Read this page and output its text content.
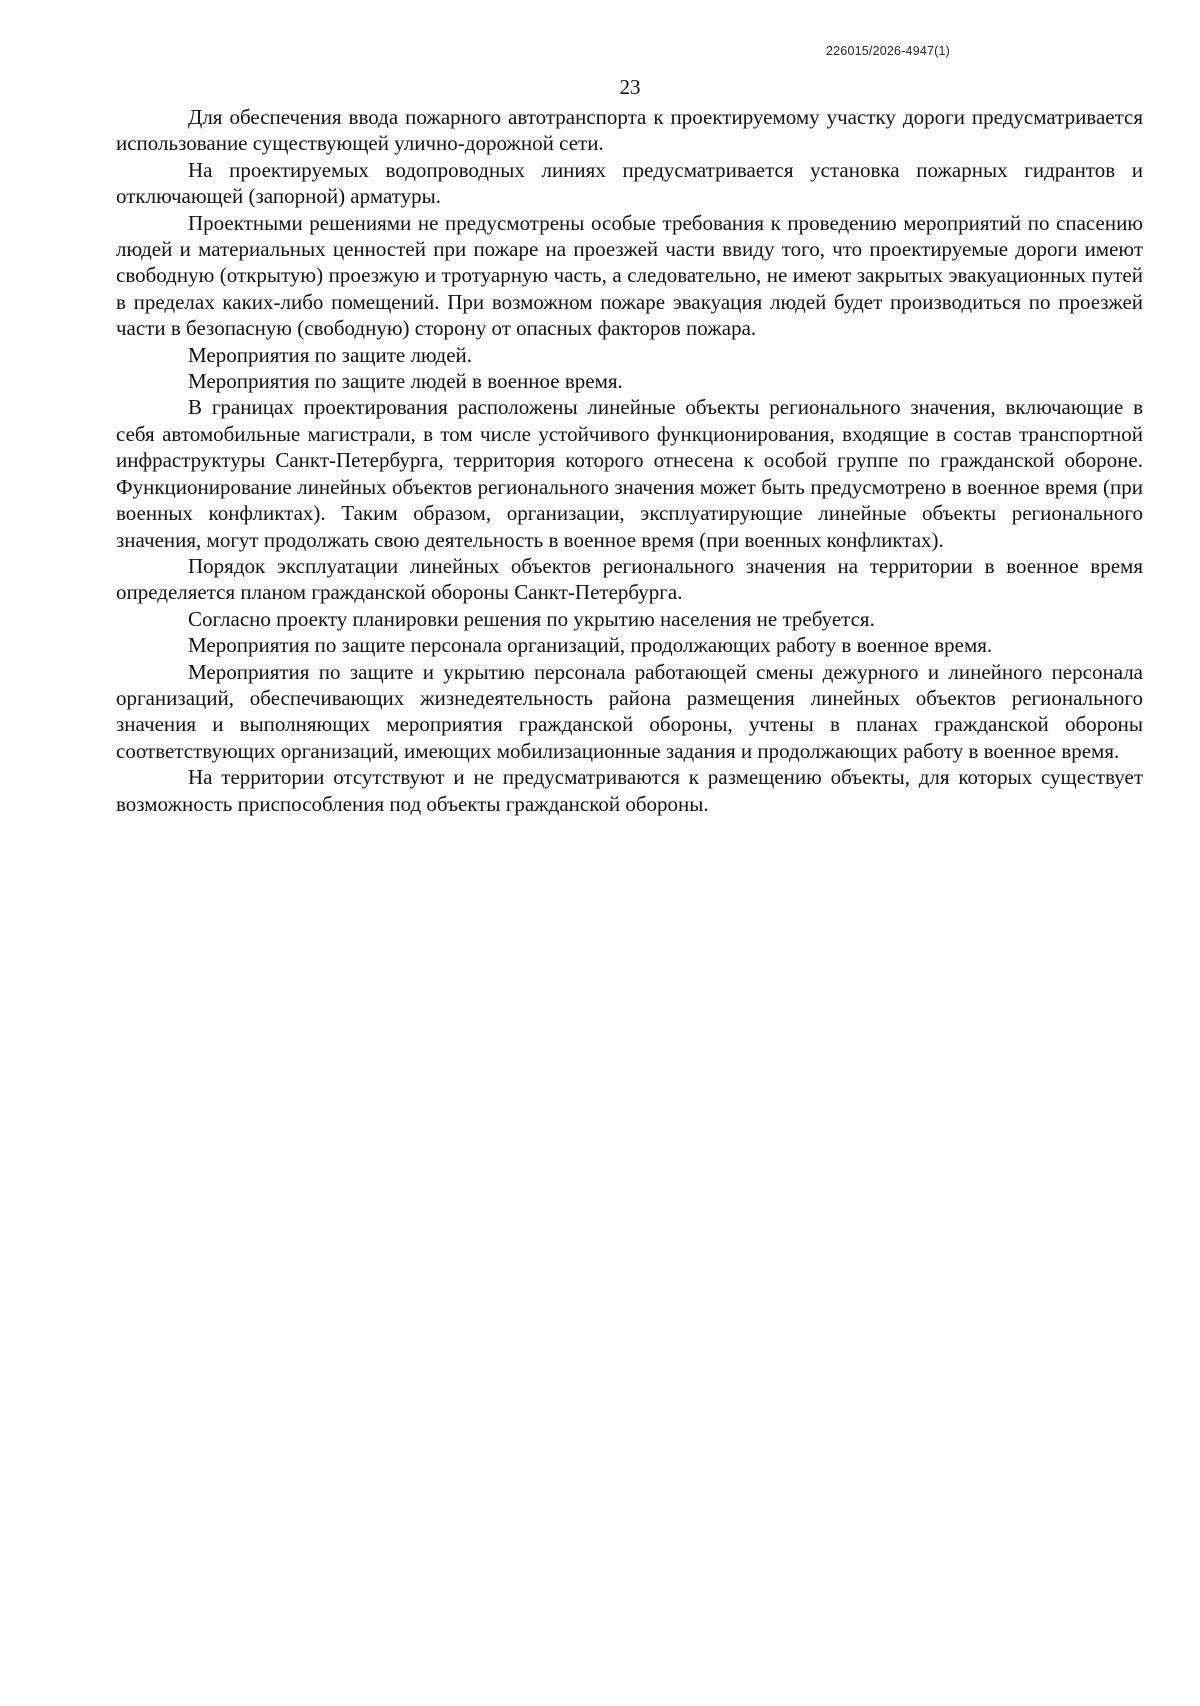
226015/2026-4947(1)
23

Для обеспечения ввода пожарного автотранспорта к проектируемому участку дороги предусматривается использование существующей улично-дорожной сети.

На проектируемых водопроводных линиях предусматривается установка пожарных гидрантов и отключающей (запорной) арматуры.

Проектными решениями не предусмотрены особые требования к проведению мероприятий по спасению людей и материальных ценностей при пожаре на проезжей части ввиду того, что проектируемые дороги имеют свободную (открытую) проезжую и тротуарную часть, а следовательно, не имеют закрытых эвакуационных путей в пределах каких-либо помещений. При возможном пожаре эвакуация людей будет производиться по проезжей части в безопасную (свободную) сторону от опасных факторов пожара.

Мероприятия по защите людей.

Мероприятия по защите людей в военное время.

В границах проектирования расположены линейные объекты регионального значения, включающие в себя автомобильные магистрали, в том числе устойчивого функционирования, входящие в состав транспортной инфраструктуры Санкт-Петербурга, территория которого отнесена к особой группе по гражданской обороне. Функционирование линейных объектов регионального значения может быть предусмотрено в военное время (при военных конфликтах). Таким образом, организации, эксплуатирующие линейные объекты регионального значения, могут продолжать свою деятельность в военное время (при военных конфликтах).

Порядок эксплуатации линейных объектов регионального значения на территории в военное время определяется планом гражданской обороны Санкт-Петербурга.

Согласно проекту планировки решения по укрытию населения не требуется.

Мероприятия по защите персонала организаций, продолжающих работу в военное время.

Мероприятия по защите и укрытию персонала работающей смены дежурного и линейного персонала организаций, обеспечивающих жизнедеятельность района размещения линейных объектов регионального значения и выполняющих мероприятия гражданской обороны, учтены в планах гражданской обороны соответствующих организаций, имеющих мобилизационные задания и продолжающих работу в военное время.

На территории отсутствуют и не предусматриваются к размещению объекты, для которых существует возможность приспособления под объекты гражданской обороны.
